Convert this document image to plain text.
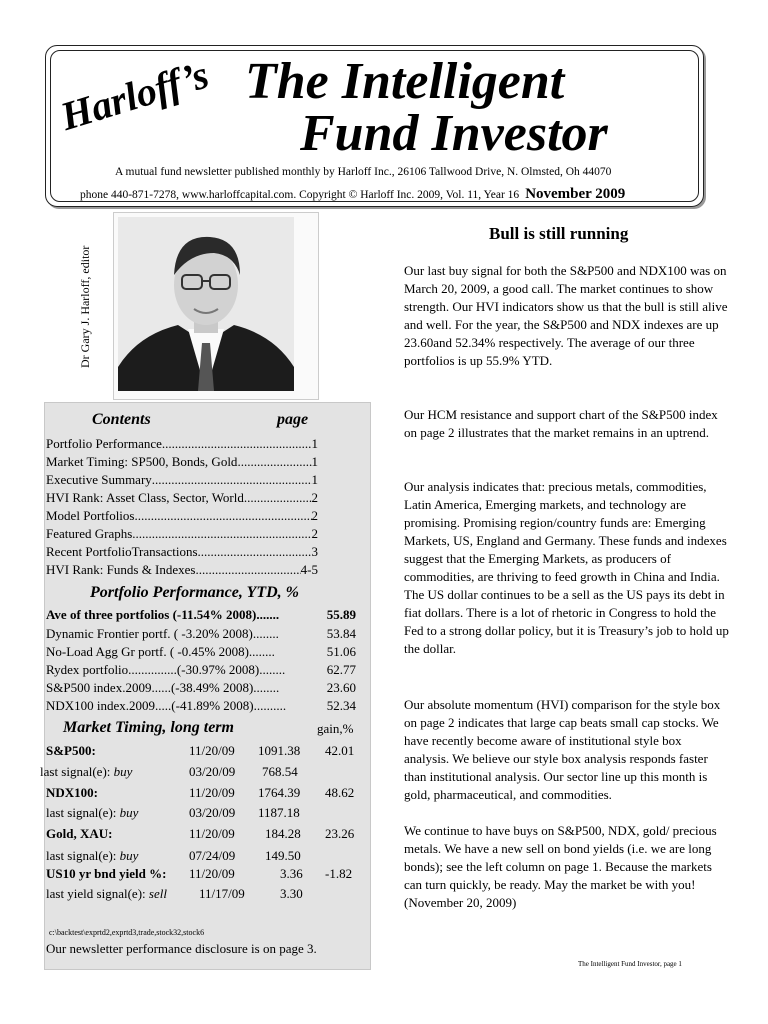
Harloff’s The Intelligent
Fund Investor
A mutual fund newsletter published monthly by Harloff Inc., 26106 Tallwood Drive, N. Olmsted, Oh 44070
phone 440-871-7278, www.harloffcapital.com. Copyright © Harloff Inc. 2009, Vol. 11, Year 16 November 2009
Dr Gary J. Harloff, editor
Contents	page
Portfolio Performance .....	1
Market Timing: SP500, Bonds, Gold .....	1
Executive Summary .....	1
HVI Rank: Asset Class, Sector, World .....	2
Model Portfolios .....	2
Featured Graphs .....	2
Recent PortfolioTransactions .....	3
HVI Rank: Funds & Indexes .....	4-5
Portfolio Performance, YTD, %
Ave of three portfolios (-11.54% 2008).......	55.89
Dynamic Frontier portf. ( -3.20% 2008)........	53.84
No-Load Agg Gr portf. ( -0.45% 2008)........	51.06
Rydex portfolio...............(-30.97% 2008)........	62.77
S&P500 index.2009......(-38.49% 2008)........	23.60
NDX100 index.2009.....(-41.89% 2008)..........	52.34
Market Timing, long term	gain,%
S&P500:	11/20/09 1091.38 42.01
last signal(e): buy	03/20/09 768.54
NDX100:	11/20/09 1764.39 48.62
last signal(e): buy	03/20/09 1187.18
Gold, XAU:	11/20/09 184.28 23.26
last signal(e): buy	07/24/09 149.50
US10 yr bnd yield %: 11/20/09	3.36 -1.82
last yield signal(e): sell 11/17/09	3.30
c:\backtest\exprtd2,exprtd3,trade,stock32,stock6
Our newsletter performance disclosure is on page 3.
Bull is still running
Our last buy signal for both the S&P500 and NDX100 was on March 20, 2009, a good call. The market continues to show strength. Our HVI indicators show us that the bull is still alive and well. For the year, the S&P500 and NDX indexes are up 23.60and 52.34% respectively. The average of our three portfolios is up 55.9% YTD.
Our HCM resistance and support chart of the S&P500 index on page 2 illustrates that the market remains in an uptrend.
Our analysis indicates that: precious metals, commodities, Latin America, Emerging markets, and technology are promising. Promising region/country funds are: Emerging Markets, US, England and Germany. These funds and indexes suggest that the Emerging Markets, as producers of commodities, are thriving to feed growth in China and India. The US dollar continues to be a sell as the US pays its debt in fiat dollars. There is a lot of rhetoric in Congress to hold the Fed to a strong dollar policy, but it is Treasury’s job to hold up the dollar.
Our absolute momentum (HVI) comparison for the style box on page 2 indicates that large cap beats small cap stocks. We have recently become aware of institutional style box analysis. We believe our style box analysis responds faster than institutional analysis. Our sector line up this month is gold, pharmaceutical, and commodities.
We continue to have buys on S&P500, NDX, gold/ precious metals. We have a new sell on bond yields (i.e. we are long bonds); see the left column on page 1. Because the markets can turn quickly, be ready. May the market be with you! (November 20, 2009)
The Intelligent Fund Investor, page 1
